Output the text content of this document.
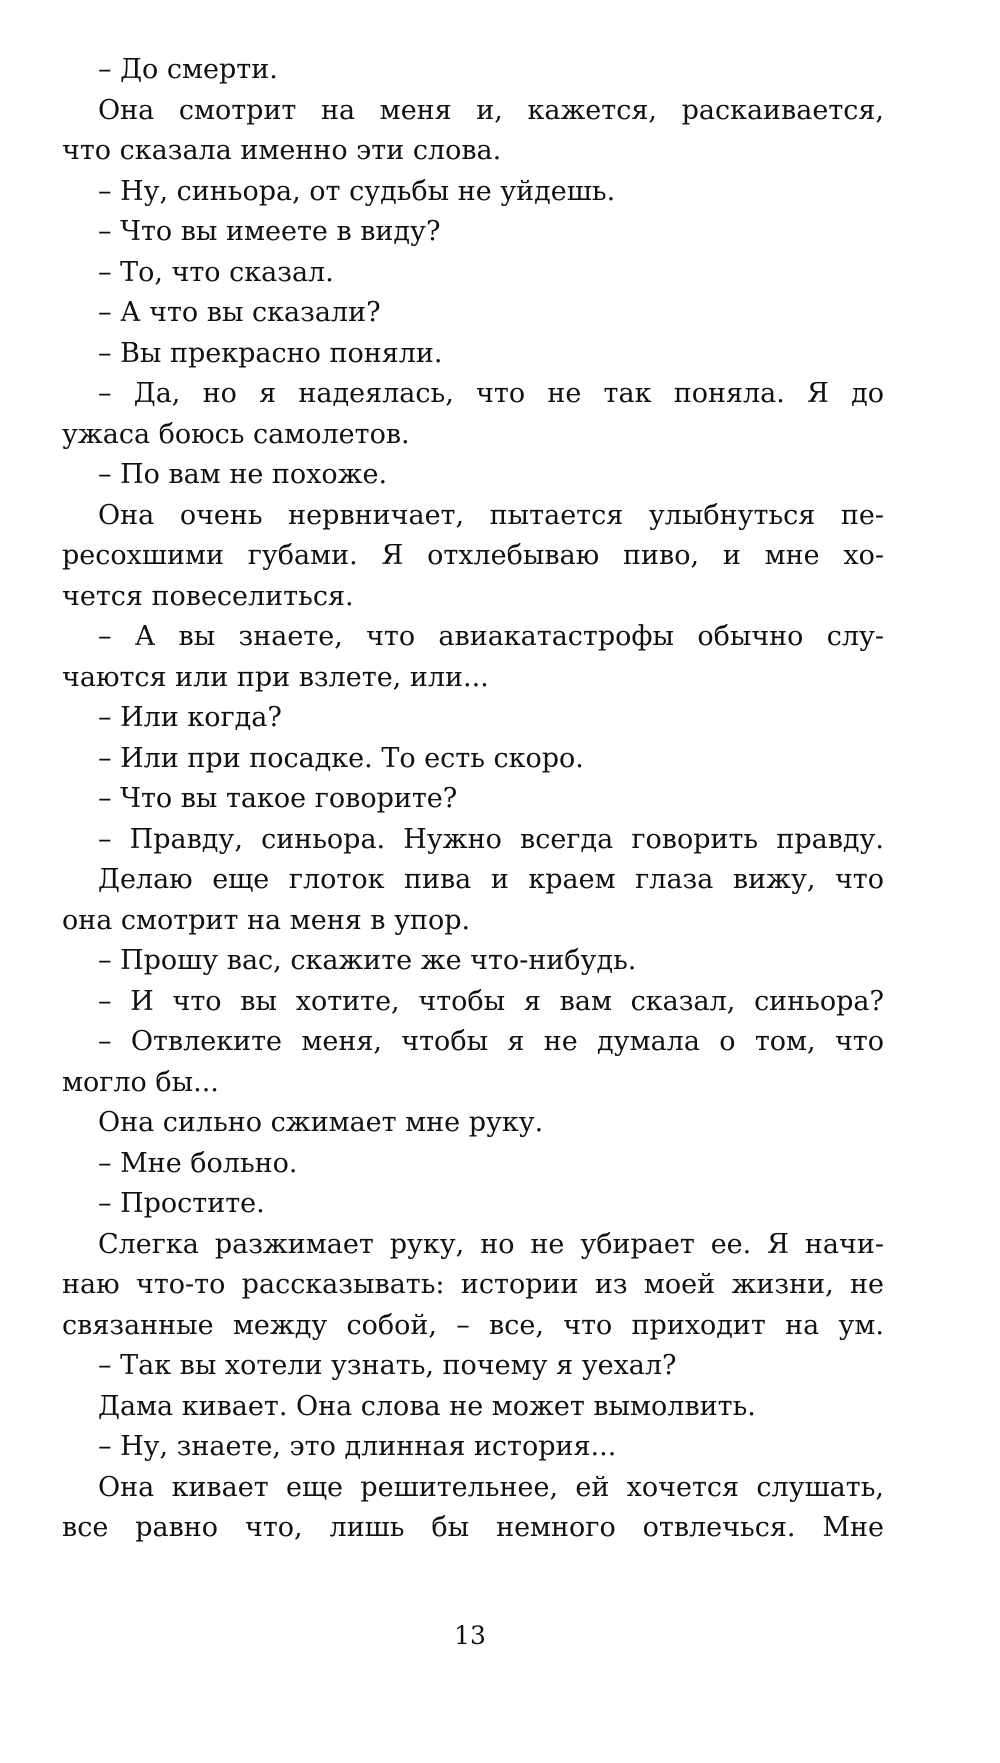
– До смерти.
Она смотрит на меня и, кажется, раскаивается,
что сказала именно эти слова.
– Ну, синьора, от судьбы не уйдешь.
– Что вы имеете в виду?
– То, что сказал.
– А что вы сказали?
– Вы прекрасно поняли.
– Да, но я надеялась, что не так поняла. Я до
ужаса боюсь самолетов.
– По вам не похоже.
Она очень нервничает, пытается улыбнуться пе-
ресохшими губами. Я отхлебываю пиво, и мне хо-
чется повеселиться.
– А вы знаете, что авиакатастрофы обычно слу-
чаются или при взлете, или...
– Или когда?
– Или при посадке. То есть скоро.
– Что вы такое говорите?
– Правду, синьора. Нужно всегда говорить правду.
Делаю еще глоток пива и краем глаза вижу, что
она смотрит на меня в упор.
– Прошу вас, скажите же что-нибудь.
– И что вы хотите, чтобы я вам сказал, синьора?
– Отвлеките меня, чтобы я не думала о том, что
могло бы...
Она сильно сжимает мне руку.
– Мне больно.
– Простите.
Слегка разжимает руку, но не убирает ее. Я начи-
наю что-то рассказывать: истории из моей жизни, не
связанные между собой, – все, что приходит на ум.
– Так вы хотели узнать, почему я уехал?
Дама кивает. Она слова не может вымолвить.
– Ну, знаете, это длинная история...
Она кивает еще решительнее, ей хочется слушать,
все равно что, лишь бы немного отвлечься. Мне
13
